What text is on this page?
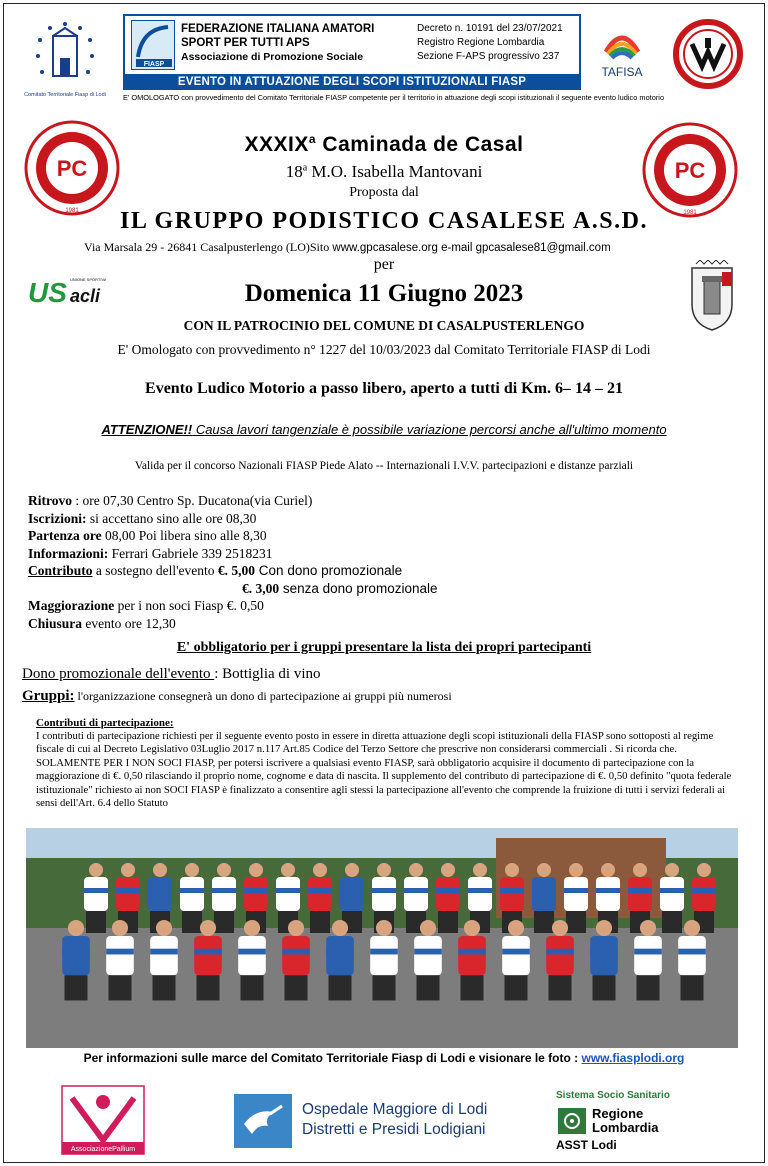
Comitato Territoriale Fiasp di Lodi
FIASP
FEDERAZIONE ITALIANA AMATORI
SPORT PER TUTTI APS
Associazione di Promozione Sociale
Decreto n. 10191 del 23/07/2021
Registro Regione Lombardia
Sezione F-APS progressivo 237
EVENTO IN ATTUAZIONE DEGLI SCOPI ISTITUZIONALI FIASP
E' OMOLOGATO con provvedimento del Comitato Territoriale FIASP competente per il territorio in attuazione degli scopi istituzionali il seguente evento ludico motorio
TAFISA
PC
1981
PC
1981
XXXIX$^a$ Caminada de Casal
18$^a$ M.O. Isabella Mantovani
Proposta dal
IL GRUPPO PODISTICO CASALESE A.S.D.
Via Marsala 29 - 26841 Casalpusterlengo (LO)Sito www.gpcasalese.org e-mail gpcasalese81@gmail.com
per
US acli
UNIONE SPORTIVA
Domenica 11 Giugno 2023
CON IL PATROCINIO DEL COMUNE DI CASALPUSTERLENGO
E' Omologato con provvedimento n° 1227 del 10/03/2023 dal Comitato Territoriale FIASP di Lodi
Evento Ludico Motorio a passo libero, aperto a tutti di Km. 6– 14 – 21
ATTENZIONE!! Causa lavori tangenziale è possibile variazione percorsi anche all'ultimo momento
Valida per il concorso Nazionali FIASP Piede Alato -- Internazionali I.V.V. partecipazioni e distanze parziali
Ritrovo : ore 07,30 Centro Sp. Ducatona(via Curiel)
Iscrizioni: si accettano sino alle ore 08,30
Partenza ore 08,00 Poi libera sino alle 8,30
Informazioni: Ferrari Gabriele 339 2518231
Contributo a sostegno dell'evento €. 5,00 Con dono promozionale
€. 3,00 senza dono promozionale
Maggiorazione per i non soci Fiasp €. 0,50
Chiusura evento ore 12,30
E' obbligatorio per i gruppi presentare la lista dei propri partecipanti
Dono promozionale dell'evento : Bottiglia di vino
Gruppi: l'organizzazione consegnerà un dono di partecipazione ai gruppi più numerosi
Contributi di partecipazione:
I contributi di partecipazione richiesti per il seguente evento posto in essere in diretta attuazione degli scopi istituzionali della FIASP sono sottoposti al regime fiscale di cui al Decreto Legislativo 03Luglio 2017 n.117 Art.85 Codice del Terzo Settore che prescrive non considerarsi commerciali . Si ricorda che. SOLAMENTE PER I NON SOCI FIASP, per potersi iscrivere a qualsiasi evento FIASP, sarà obbligatorio acquisire il documento di partecipazione con la maggiorazione di €. 0,50 rilasciando il proprio nome, cognome e data di nascita. Il supplemento del contributo di partecipazione di €. 0,50 definito "quota federale istituzionale" richiesto ai non SOCI FIASP è finalizzato a consentire agli stessi la partecipazione all'evento che comprende la fruizione di tutti i servizi federali ai sensi dell'Art. 6.4 dello Statuto
Per informazioni sulle marce del Comitato Territoriale Fiasp di Lodi e visionare le foto : www.fiasplodi.org
AssociazionePallium
Ospedale Maggiore di Lodi
Distretti e Presidi Lodigiani
Sistema Socio Sanitario
Regione
Lombardia
ASST Lodi
